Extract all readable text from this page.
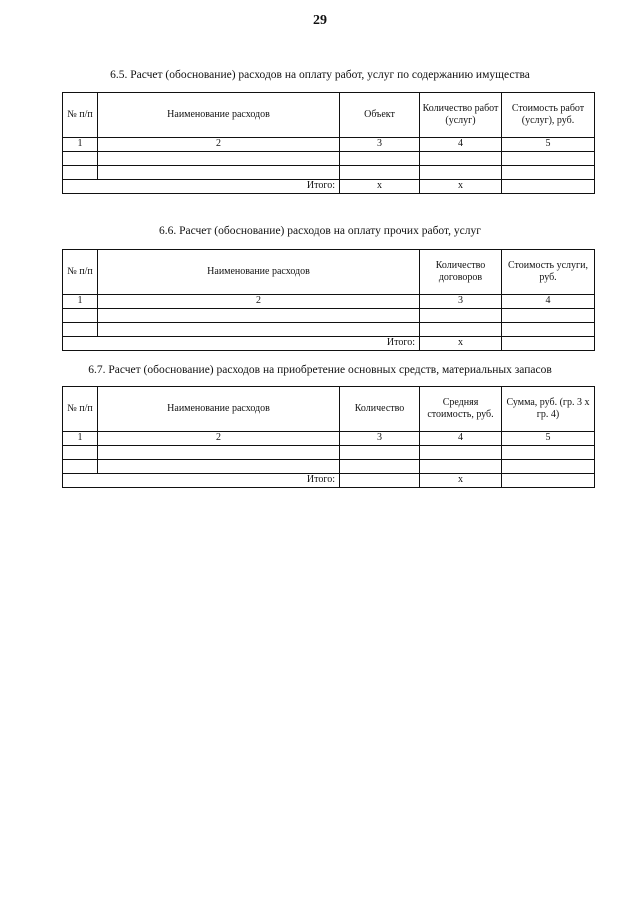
29
6.5. Расчет (обоснование) расходов на оплату работ, услуг по содержанию имущества
№ п/п	Наименование расходов	Объект	Количество работ (услуг)	Стоимость работ (услуг), руб.
1	2	3	4	5

Итого:		x	x	
6.6. Расчет (обоснование) расходов на оплату прочих работ, услуг
№ п/п	Наименование расходов	Количество договоров	Стоимость услуги, руб.
1	2	3	4

Итого:		x	
6.7. Расчет (обоснование) расходов на приобретение основных средств, материальных запасов
№ п/п	Наименование расходов	Количество	Средняя стоимость, руб.	Сумма, руб. (гр. 3 x гр. 4)
1	2	3	4	5

Итого:			x	
